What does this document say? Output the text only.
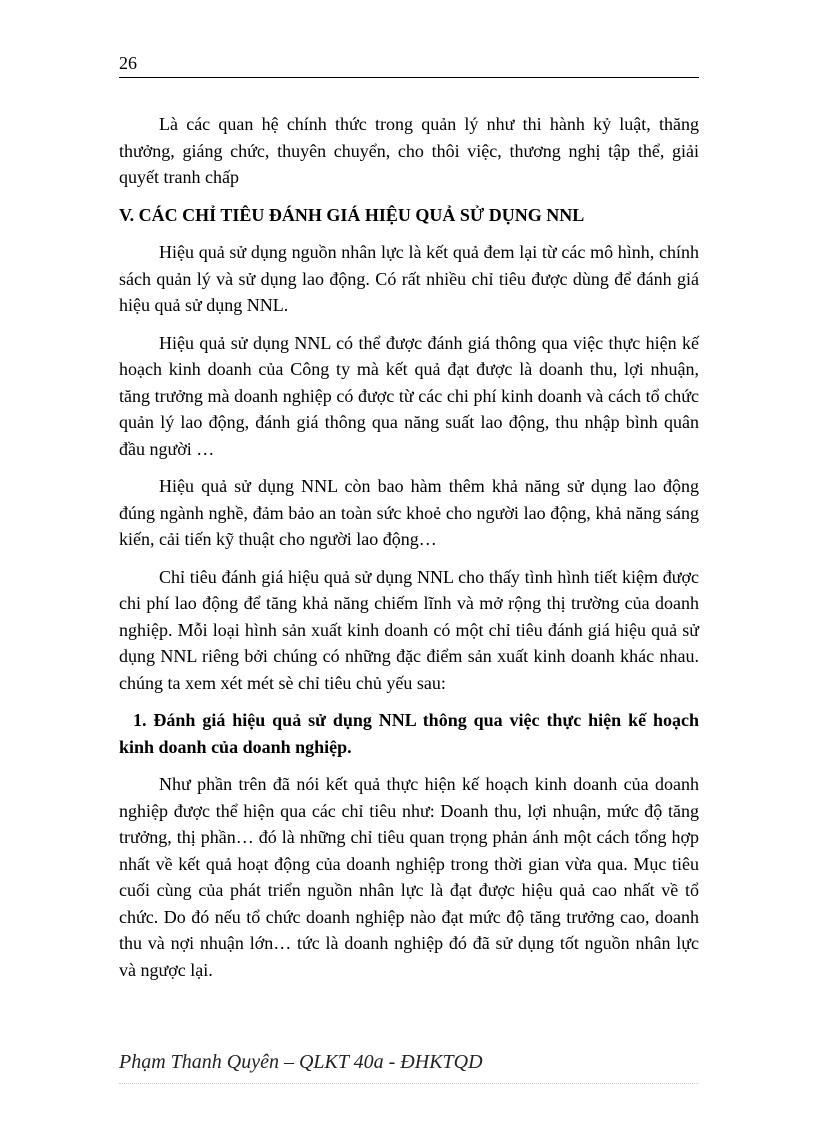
26

Là các quan hệ chính thức trong quản lý như thi hành kỷ luật, thăng thưởng, giáng chức, thuyên chuyển, cho thôi việc, thương nghị tập thể, giải quyết tranh chấp

V. CÁC CHỈ TIÊU ĐÁNH GIÁ HIỆU QUẢ SỬ DỤNG NNL

Hiệu quả sử dụng nguồn nhân lực là kết quả đem lại từ các mô hình, chính sách quản lý và sử dụng lao động. Có rất nhiều chỉ tiêu được dùng để đánh giá hiệu quả sử dụng NNL.

Hiệu quả sử dụng NNL có thể được đánh giá thông qua việc thực hiện kế hoạch kinh doanh của Công ty mà kết quả đạt được là doanh thu, lợi nhuận, tăng trưởng mà doanh nghiệp có được từ các chi phí kinh doanh và cách tổ chức quản lý lao động, đánh giá thông qua năng suất lao động, thu nhập bình quân đầu người …

Hiệu quả sử dụng NNL còn bao hàm thêm khả năng sử dụng lao động đúng ngành nghề, đảm bảo an toàn sức khoẻ cho người lao động, khả năng sáng kiến, cải tiến kỹ thuật cho người lao động…

Chỉ tiêu đánh giá hiệu quả sử dụng NNL cho thấy tình hình tiết kiệm được chi phí lao động để tăng khả năng chiếm lĩnh và mở rộng thị trường của doanh nghiệp. Mỗi loại hình sản xuất kinh doanh có một chỉ tiêu đánh giá hiệu quả sử dụng NNL riêng bởi chúng có những đặc điểm sản xuất kinh doanh khác nhau. chúng ta xem xét mét sè chỉ tiêu chủ yếu sau:

1. Đánh giá hiệu quả sử dụng NNL thông qua việc thực hiện kế hoạch kinh doanh của doanh nghiệp.

Như phần trên đã nói kết quả thực hiện kế hoạch kinh doanh của doanh nghiệp được thể hiện qua các chỉ tiêu như: Doanh thu, lợi nhuận, mức độ tăng trưởng, thị phần… đó là những chỉ tiêu quan trọng phản ánh một cách tổng hợp nhất về kết quả hoạt động của doanh nghiệp trong thời gian vừa qua. Mục tiêu cuối cùng của phát triển nguồn nhân lực là đạt được hiệu quả cao nhất về tổ chức. Do đó nếu tổ chức doanh nghiệp nào đạt mức độ tăng trưởng cao, doanh thu và nợi nhuận lớn… tức là doanh nghiệp đó đã sử dụng tốt nguồn nhân lực và ngược lại.

Phạm Thanh Quyên – QLKT 40a - ĐHKTQD
